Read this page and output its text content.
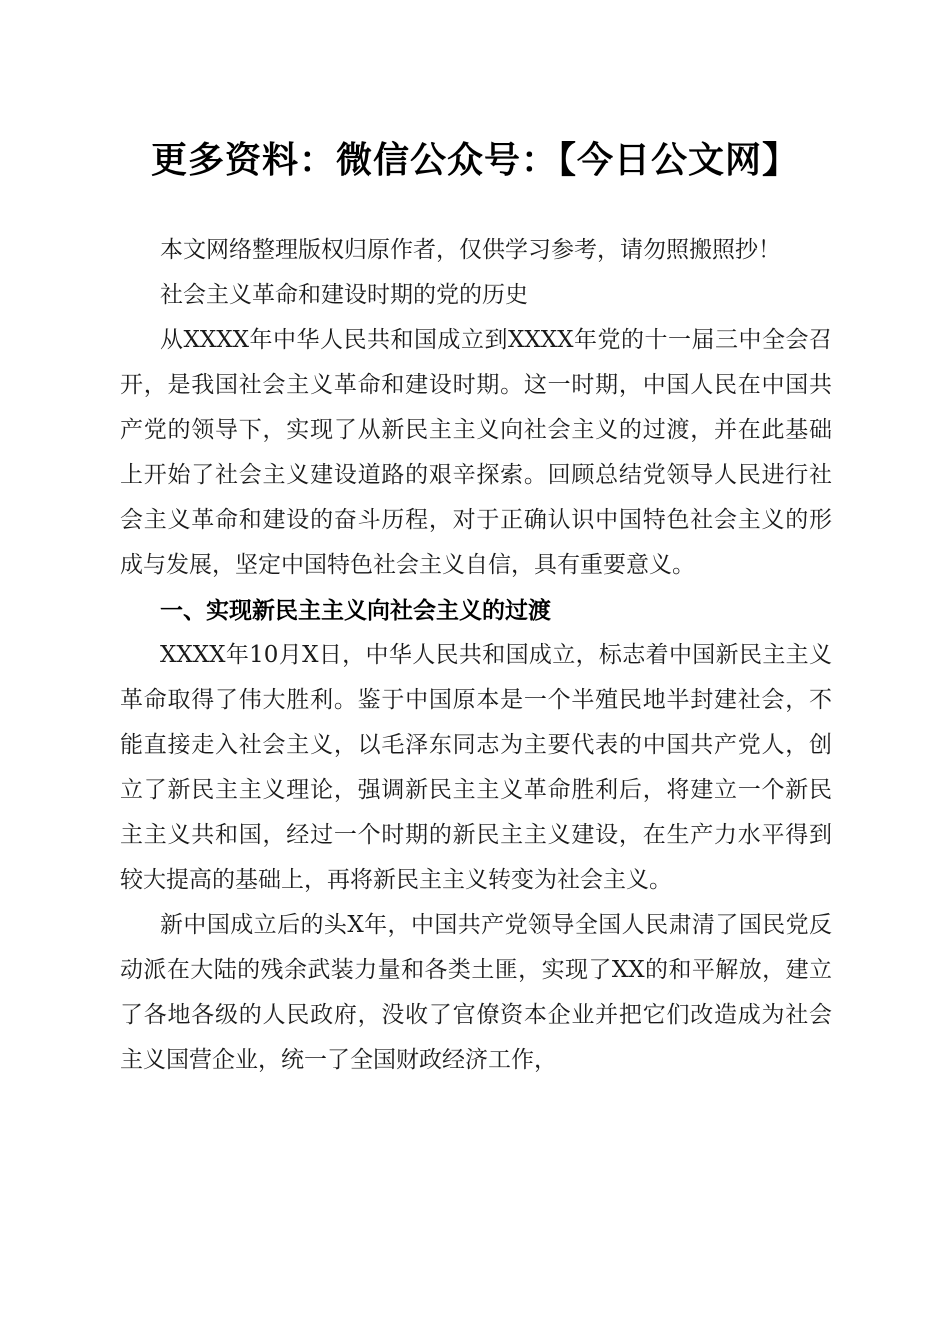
更多资料：微信公众号：【今日公文网】

本文网络整理版权归原作者，仅供学习参考，请勿照搬照抄！

社会主义革命和建设时期的党的历史

从XXXX年中华人民共和国成立到XXXX年党的十一届三中全会召开，是我国社会主义革命和建设时期。这一时期，中国人民在中国共产党的领导下，实现了从新民主主义向社会主义的过渡，并在此基础上开始了社会主义建设道路的艰辛探索。回顾总结党领导人民进行社会主义革命和建设的奋斗历程，对于正确认识中国特色社会主义的形成与发展，坚定中国特色社会主义自信，具有重要意义。

一、实现新民主主义向社会主义的过渡

XXXX年10月X日，中华人民共和国成立，标志着中国新民主主义革命取得了伟大胜利。鉴于中国原本是一个半殖民地半封建社会，不能直接走入社会主义，以毛泽东同志为主要代表的中国共产党人，创立了新民主主义理论，强调新民主主义革命胜利后，将建立一个新民主主义共和国，经过一个时期的新民主主义建设，在生产力水平得到较大提高的基础上，再将新民主主义转变为社会主义。

新中国成立后的头X年，中国共产党领导全国人民肃清了国民党反动派在大陆的残余武装力量和各类土匪，实现了XX的和平解放，建立了各地各级的人民政府，没收了官僚资本企业并把它们改造成为社会主义国营企业，统一了全国财政经济工作，
